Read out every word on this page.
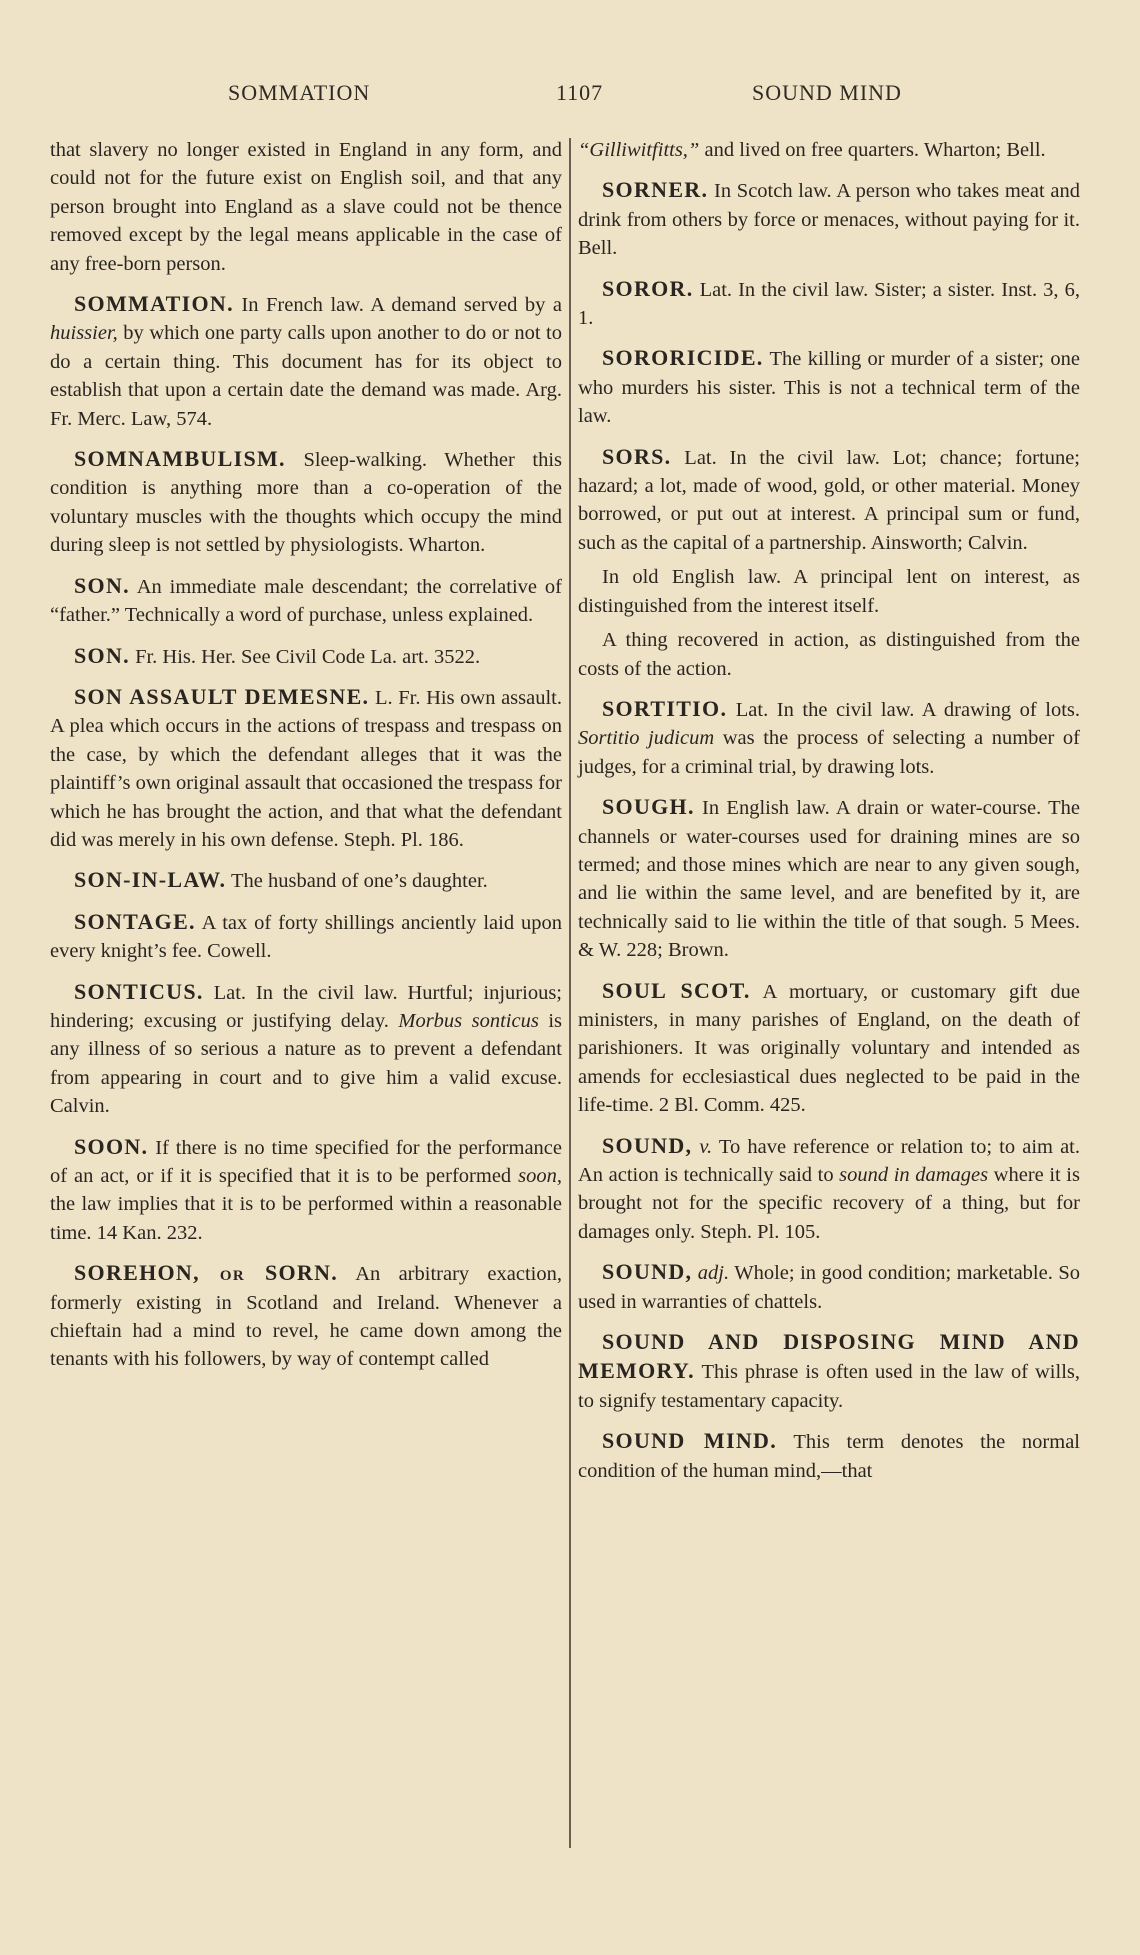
SOMMATION	1107	SOUND MIND

that slavery no longer existed in England in any form, and could not for the future exist on English soil, and that any person brought into England as a slave could not be thence removed except by the legal means applicable in the case of any free-born person.

SOMMATION. In French law. A demand served by a huissier, by which one party calls upon another to do or not to do a certain thing. This document has for its object to establish that upon a certain date the demand was made. Arg. Fr. Merc. Law, 574.

SOMNAMBULISM. Sleep-walking. Whether this condition is anything more than a co-operation of the voluntary muscles with the thoughts which occupy the mind during sleep is not settled by physiologists. Wharton.

SON. An immediate male descendant; the correlative of “father.” Technically a word of purchase, unless explained.

SON. Fr. His. Her. See Civil Code La. art. 3522.

SON ASSAULT DEMESNE. L. Fr. His own assault. A plea which occurs in the actions of trespass and trespass on the case, by which the defendant alleges that it was the plaintiff’s own original assault that occasioned the trespass for which he has brought the action, and that what the defendant did was merely in his own defense. Steph. Pl. 186.

SON-IN-LAW. The husband of one’s daughter.

SONTAGE. A tax of forty shillings anciently laid upon every knight’s fee. Cowell.

SONTICUS. Lat. In the civil law. Hurtful; injurious; hindering; excusing or justifying delay. Morbus sonticus is any illness of so serious a nature as to prevent a defendant from appearing in court and to give him a valid excuse. Calvin.

SOON. If there is no time specified for the performance of an act, or if it is specified that it is to be performed soon, the law implies that it is to be performed within a reasonable time. 14 Kan. 232.

SOREHON, or SORN. An arbitrary exaction, formerly existing in Scotland and Ireland. Whenever a chieftain had a mind to revel, he came down among the tenants with his followers, by way of contempt called

“Gilliwitfitts,” and lived on free quarters. Wharton; Bell.

SORNER. In Scotch law. A person who takes meat and drink from others by force or menaces, without paying for it. Bell.

SOROR. Lat. In the civil law. Sister; a sister. Inst. 3, 6, 1.

SORORICIDE. The killing or murder of a sister; one who murders his sister. This is not a technical term of the law.

SORS. Lat. In the civil law. Lot; chance; fortune; hazard; a lot, made of wood, gold, or other material. Money borrowed, or put out at interest. A principal sum or fund, such as the capital of a partnership. Ainsworth; Calvin.

In old English law. A principal lent on interest, as distinguished from the interest itself.

A thing recovered in action, as distinguished from the costs of the action.

SORTITIO. Lat. In the civil law. A drawing of lots. Sortitio judicum was the process of selecting a number of judges, for a criminal trial, by drawing lots.

SOUGH. In English law. A drain or water-course. The channels or water-courses used for draining mines are so termed; and those mines which are near to any given sough, and lie within the same level, and are benefited by it, are technically said to lie within the title of that sough. 5 Mees. & W. 228; Brown.

SOUL SCOT. A mortuary, or customary gift due ministers, in many parishes of England, on the death of parishioners. It was originally voluntary and intended as amends for ecclesiastical dues neglected to be paid in the life-time. 2 Bl. Comm. 425.

SOUND, v. To have reference or relation to; to aim at. An action is technically said to sound in damages where it is brought not for the specific recovery of a thing, but for damages only. Steph. Pl. 105.

SOUND, adj. Whole; in good condition; marketable. So used in warranties of chattels.

SOUND AND DISPOSING MIND AND MEMORY. This phrase is often used in the law of wills, to signify testamentary capacity.

SOUND MIND. This term denotes the normal condition of the human mind,—that
